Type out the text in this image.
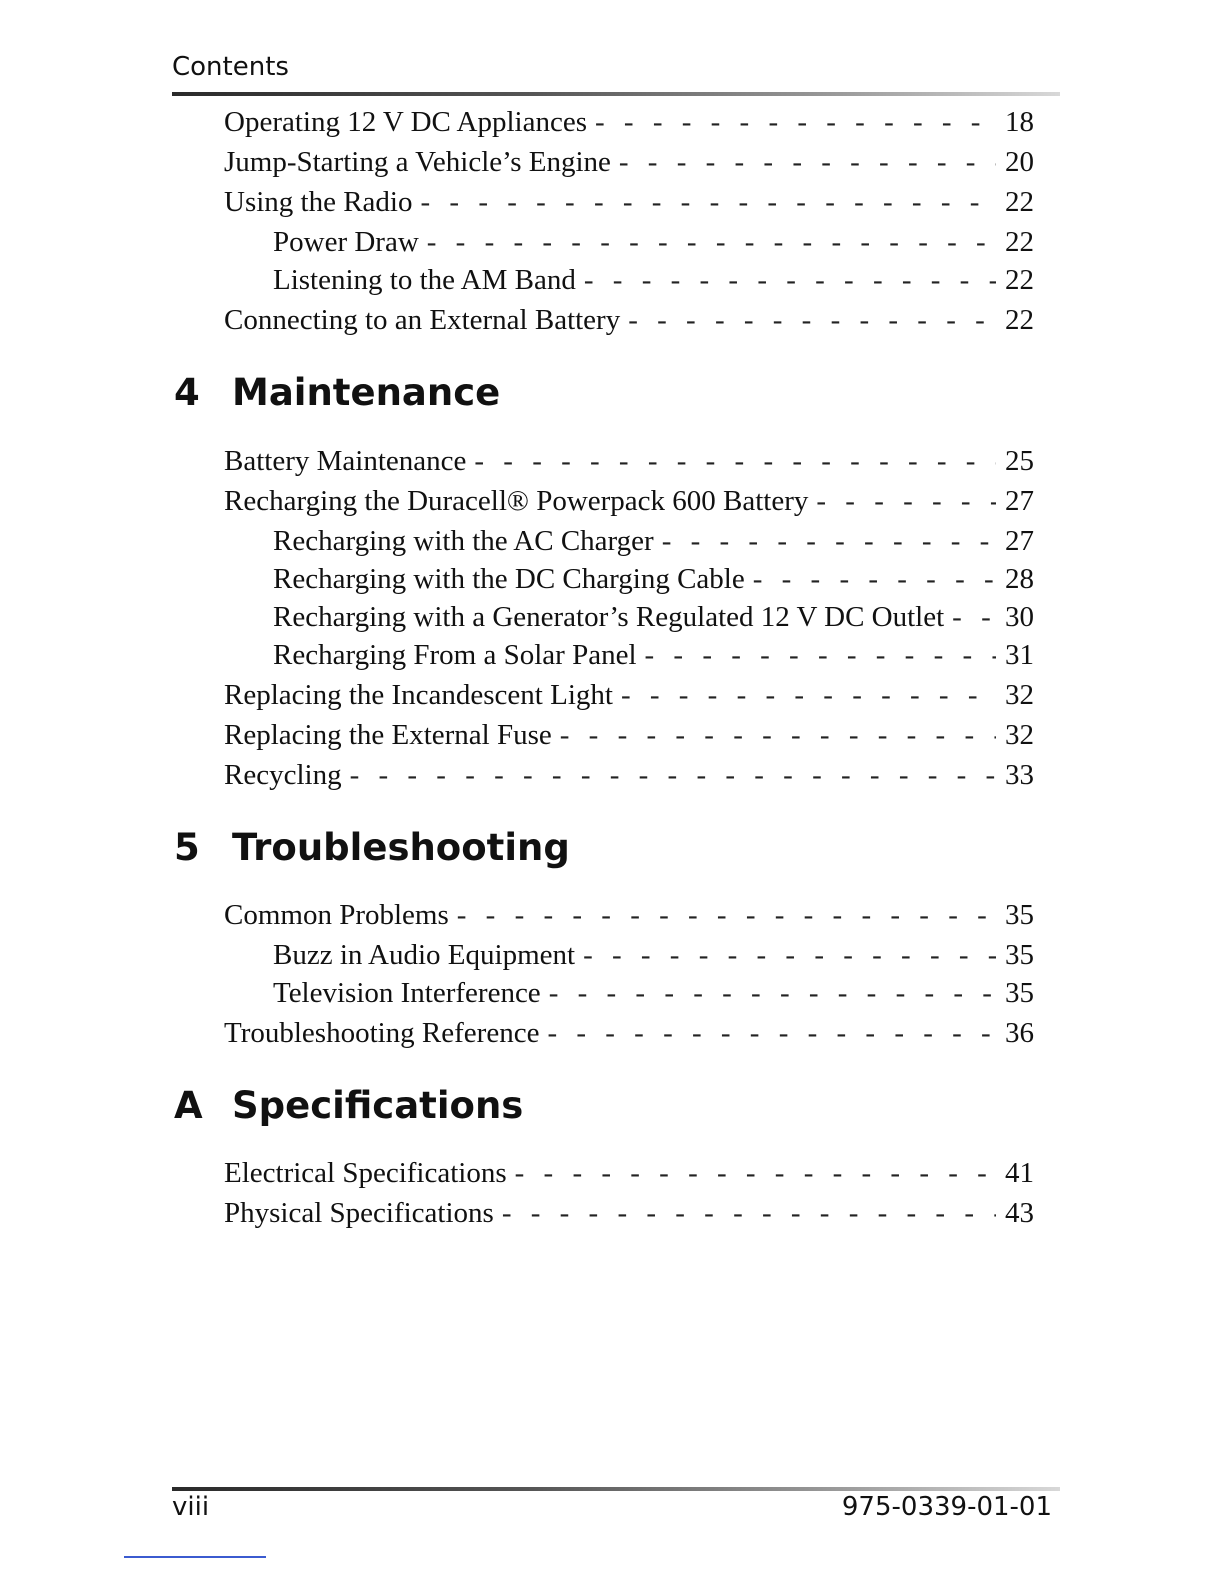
Contents
Operating 12 V DC Appliances - - -	18
Jump-Starting a Vehicle’s Engine - - -	20
Using the Radio - - -	22
Power Draw - - -	22
Listening to the AM Band - - -	22
Connecting to an External Battery - - -	22
4 Maintenance
Battery Maintenance - - -	25
Recharging the Duracell® Powerpack 600 Battery - - -	27
Recharging with the AC Charger - - -	27
Recharging with the DC Charging Cable - - -	28
Recharging with a Generator’s Regulated 12 V DC Outlet - - - 30
Recharging From a Solar Panel - - -	31
Replacing the Incandescent Light - - -	32
Replacing the External Fuse - - -	32
Recycling - - -	33
5 Troubleshooting
Common Problems - - -	35
Buzz in Audio Equipment - - -	35
Television Interference - - -	35
Troubleshooting Reference - - -	36
A Specifications
Electrical Specifications - - -	41
Physical Specifications - - -	43
viii	975-0339-01-01
